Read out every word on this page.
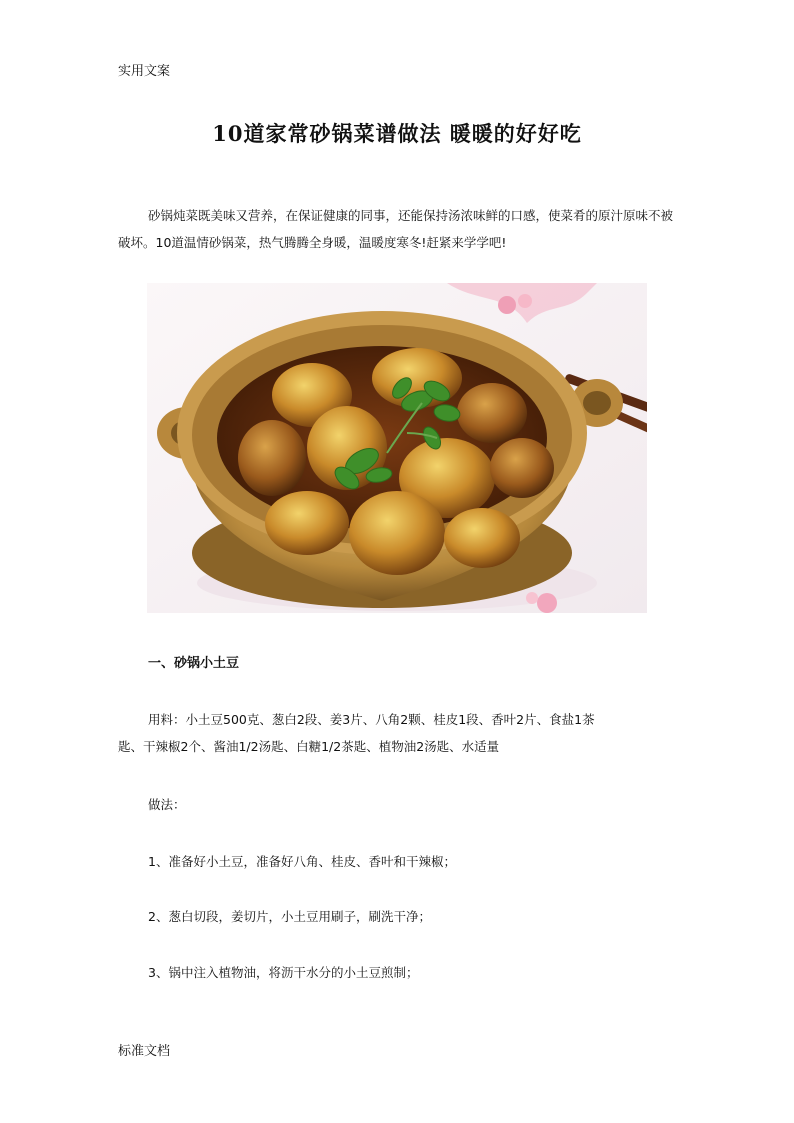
实用文案
10道家常砂锅菜谱做法 暖暖的好好吃
砂锅炖菜既美味又营养，在保证健康的同事，还能保持汤浓味鲜的口感，使菜肴的原汁原味不被破坏。10道温情砂锅菜，热气腾腾全身暖，温暖度寒冬!赶紧来学学吧!
一、砂锅小土豆
用料：小土豆500克、葱白2段、姜3片、八角2颗、桂皮1段、香叶2片、食盐1茶
匙、干辣椒2个、酱油1/2汤匙、白糖1/2茶匙、植物油2汤匙、水适量
做法：
1、准备好小土豆，准备好八角、桂皮、香叶和干辣椒；
2、葱白切段，姜切片，小土豆用刷子，刷洗干净；
3、锅中注入植物油，将沥干水分的小土豆煎制；
标准文档
